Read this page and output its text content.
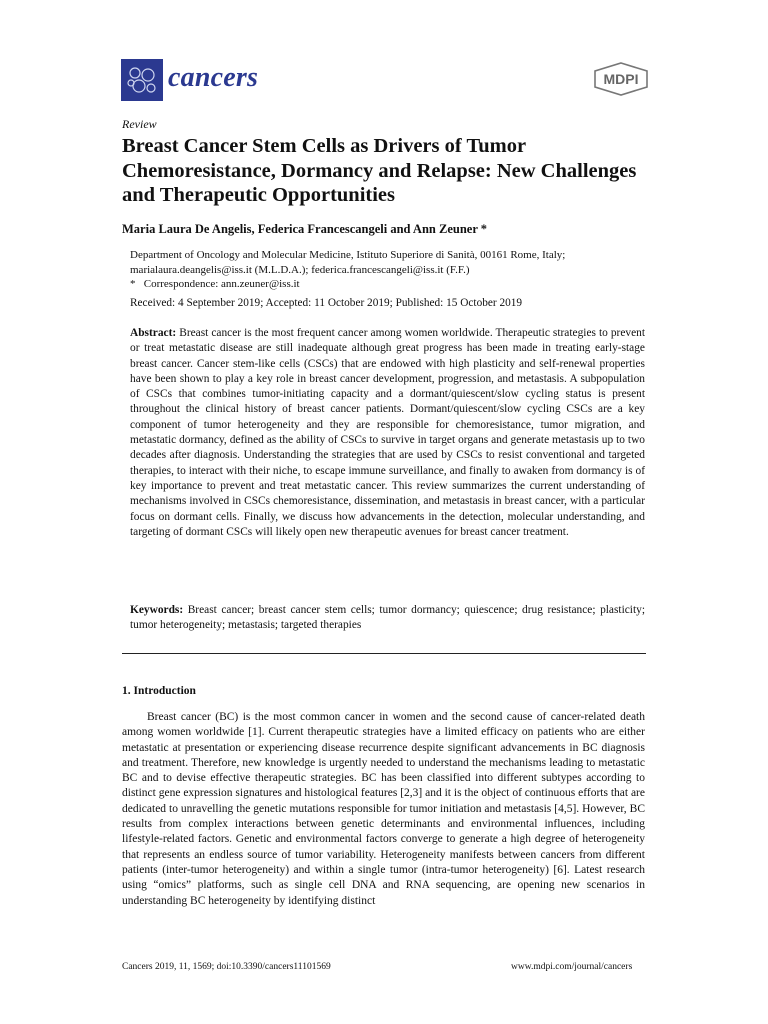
cancers	MDPI
Review
Breast Cancer Stem Cells as Drivers of Tumor Chemoresistance, Dormancy and Relapse: New Challenges and Therapeutic Opportunities
Maria Laura De Angelis, Federica Francescangeli and Ann Zeuner *
Department of Oncology and Molecular Medicine, Istituto Superiore di Sanità, 00161 Rome, Italy; marialaura.deangelis@iss.it (M.L.D.A.); federica.francescangeli@iss.it (F.F.)
*   Correspondence: ann.zeuner@iss.it
Received: 4 September 2019; Accepted: 11 October 2019; Published: 15 October 2019
Abstract: Breast cancer is the most frequent cancer among women worldwide. Therapeutic strategies to prevent or treat metastatic disease are still inadequate although great progress has been made in treating early-stage breast cancer. Cancer stem-like cells (CSCs) that are endowed with high plasticity and self-renewal properties have been shown to play a key role in breast cancer development, progression, and metastasis. A subpopulation of CSCs that combines tumor-initiating capacity and a dormant/quiescent/slow cycling status is present throughout the clinical history of breast cancer patients. Dormant/quiescent/slow cycling CSCs are a key component of tumor heterogeneity and they are responsible for chemoresistance, tumor migration, and metastatic dormancy, defined as the ability of CSCs to survive in target organs and generate metastasis up to two decades after diagnosis. Understanding the strategies that are used by CSCs to resist conventional and targeted therapies, to interact with their niche, to escape immune surveillance, and finally to awaken from dormancy is of key importance to prevent and treat metastatic cancer. This review summarizes the current understanding of mechanisms involved in CSCs chemoresistance, dissemination, and metastasis in breast cancer, with a particular focus on dormant cells. Finally, we discuss how advancements in the detection, molecular understanding, and targeting of dormant CSCs will likely open new therapeutic avenues for breast cancer treatment.
Keywords: Breast cancer; breast cancer stem cells; tumor dormancy; quiescence; drug resistance; plasticity; tumor heterogeneity; metastasis; targeted therapies
1. Introduction
Breast cancer (BC) is the most common cancer in women and the second cause of cancer-related death among women worldwide [1]. Current therapeutic strategies have a limited efficacy on patients who are either metastatic at presentation or experiencing disease recurrence despite significant advancements in BC diagnosis and treatment. Therefore, new knowledge is urgently needed to understand the mechanisms leading to metastatic BC and to devise effective therapeutic strategies. BC has been classified into different subtypes according to distinct gene expression signatures and histological features [2,3] and it is the object of continuous efforts that are dedicated to unravelling the genetic mutations responsible for tumor initiation and metastasis [4,5]. However, BC results from complex interactions between genetic determinants and environmental influences, including lifestyle-related factors. Genetic and environmental factors converge to generate a high degree of heterogeneity that represents an endless source of tumor variability. Heterogeneity manifests between cancers from different patients (inter-tumor heterogeneity) and within a single tumor (intra-tumor heterogeneity) [6]. Latest research using “omics” platforms, such as single cell DNA and RNA sequencing, are opening new scenarios in understanding BC heterogeneity by identifying distinct
Cancers 2019, 11, 1569; doi:10.3390/cancers11101569	www.mdpi.com/journal/cancers
